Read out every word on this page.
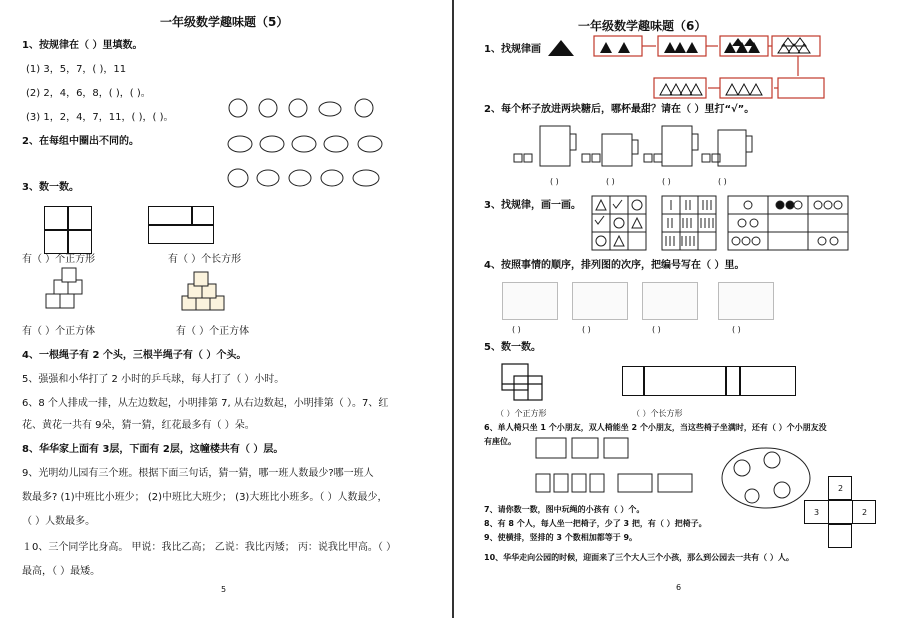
一年级数学趣味题（5）
1、按规律在（ ）里填数。
(1) 3，5，7，( )，11
(2) 2，4，6，8，( )，( )。
(3) 1，2，4，7，11，( )，( )。
2、在每组中圈出不同的。
3、数一数。
有（ ）个正方形	有（ ）个长方形
有（ ）个正方体	有（ ）个正方体
4、一根绳子有 2 个头，三根半绳子有（ ）个头。
5、强强和小华打了 2 小时的乒乓球，每人打了（ ）小时。
6、8 个人排成一排，从左边数起，小明排第 7, 从右边数起，小明排第（ ）。7、红
花、黄花一共有 9朵，猜一猜，红花最多有（ ）朵。
8、华华家上面有 3层，下面有 2层，这幢楼共有（ ）层。
9、光明幼儿园有三个班。根据下面三句话，猜一猜，哪一班人数最少?哪一班人
数最多? (1)中班比小班少； (2)中班比大班少； (3)大班比小班多。（ ）人数最少，
（ ）人数最多。
１0、三个同学比身高。 甲说：我比乙高； 乙说：我比丙矮； 丙：说我比甲高。（ ）
最高，（ ）最矮。
5
一年级数学趣味题（6）
1、找规律画
2、每个杯子放进两块糖后，哪杯最甜？请在（ ）里打“√”。
( )	( )	( )	( )
3、找规律，画一画。
4、按照事情的顺序，排列图的次序，把编号写在（ ）里。
( )	( )	( )	( )
5、数一数。
（ ）个正方形	（ ）个长方形
6、单人椅只坐 1 个小朋友，双人椅能坐 2 个小朋友，当这些椅子坐满时，还有（ ）个小朋友没
有座位。
2
3	2
7、请你数一数，图中玩绳的小孩有（ ）个。
8、有 8 个人，每人坐一把椅子，少了 3 把，有（ ）把椅子。
9、使横排，竖排的 3 个数相加都等于 9。
10、华华走向公园的时候，迎面来了三个大人三个小孩，那么到公园去一共有（ ）人。
6
